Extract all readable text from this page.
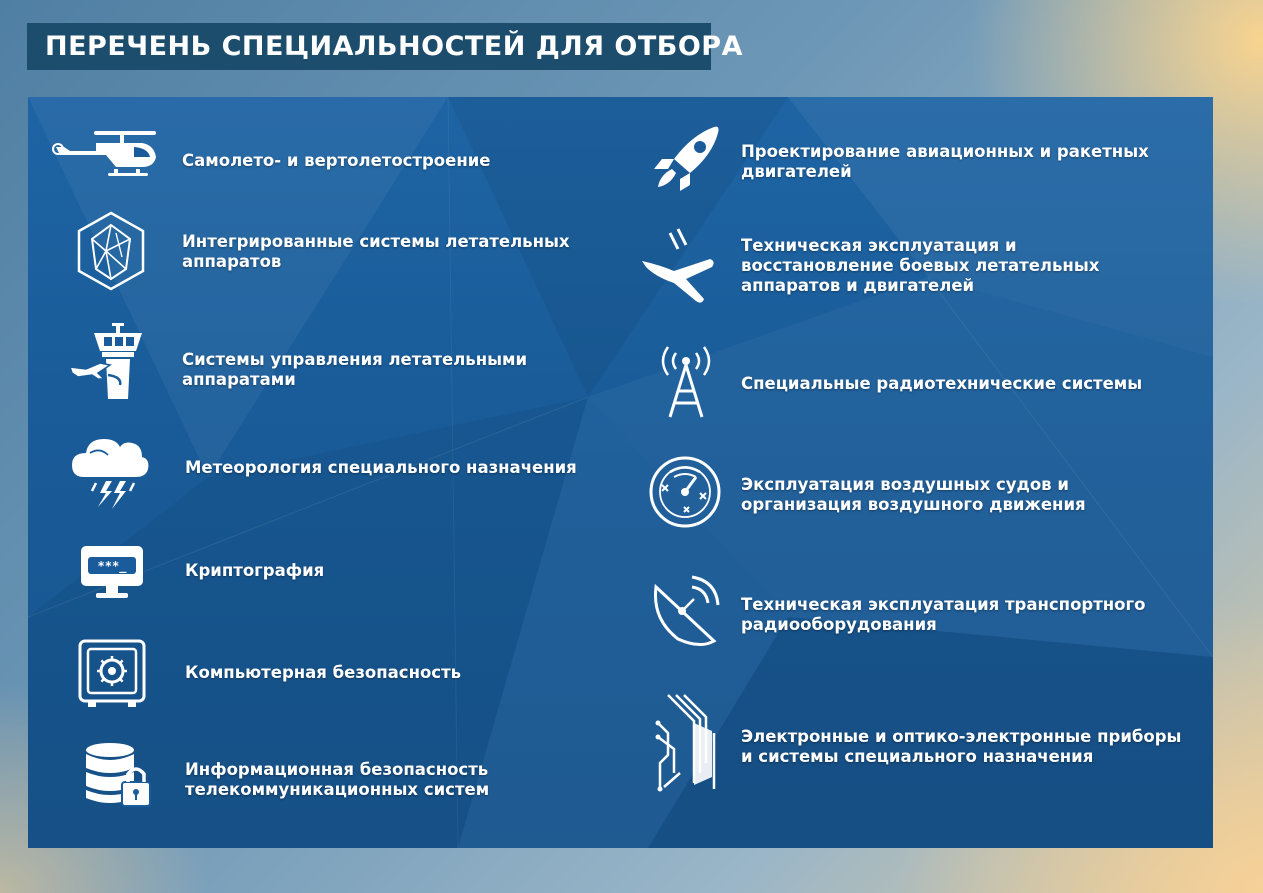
ПЕРЕЧЕНЬ СПЕЦИАЛЬНОСТЕЙ ДЛЯ ОТБОРА
Самолето- и вертолетостроение
Интегрированные системы летательных
аппаратов
Системы управления летательными
аппаратами
Метеорология специального назначения
***_	Криптография
Компьютерная безопасность
Информационная безопасность
телекоммуникационных систем
Проектирование авиационных и ракетных
двигателей
Техническая эксплуатация и
восстановление боевых летательных
аппаратов и двигателей
Специальные радиотехнические системы
Эксплуатация воздушных судов и
организация воздушного движения
Техническая эксплуатация транспортного
радиооборудования
Электронные и оптико-электронные приборы
и системы специального назначения
